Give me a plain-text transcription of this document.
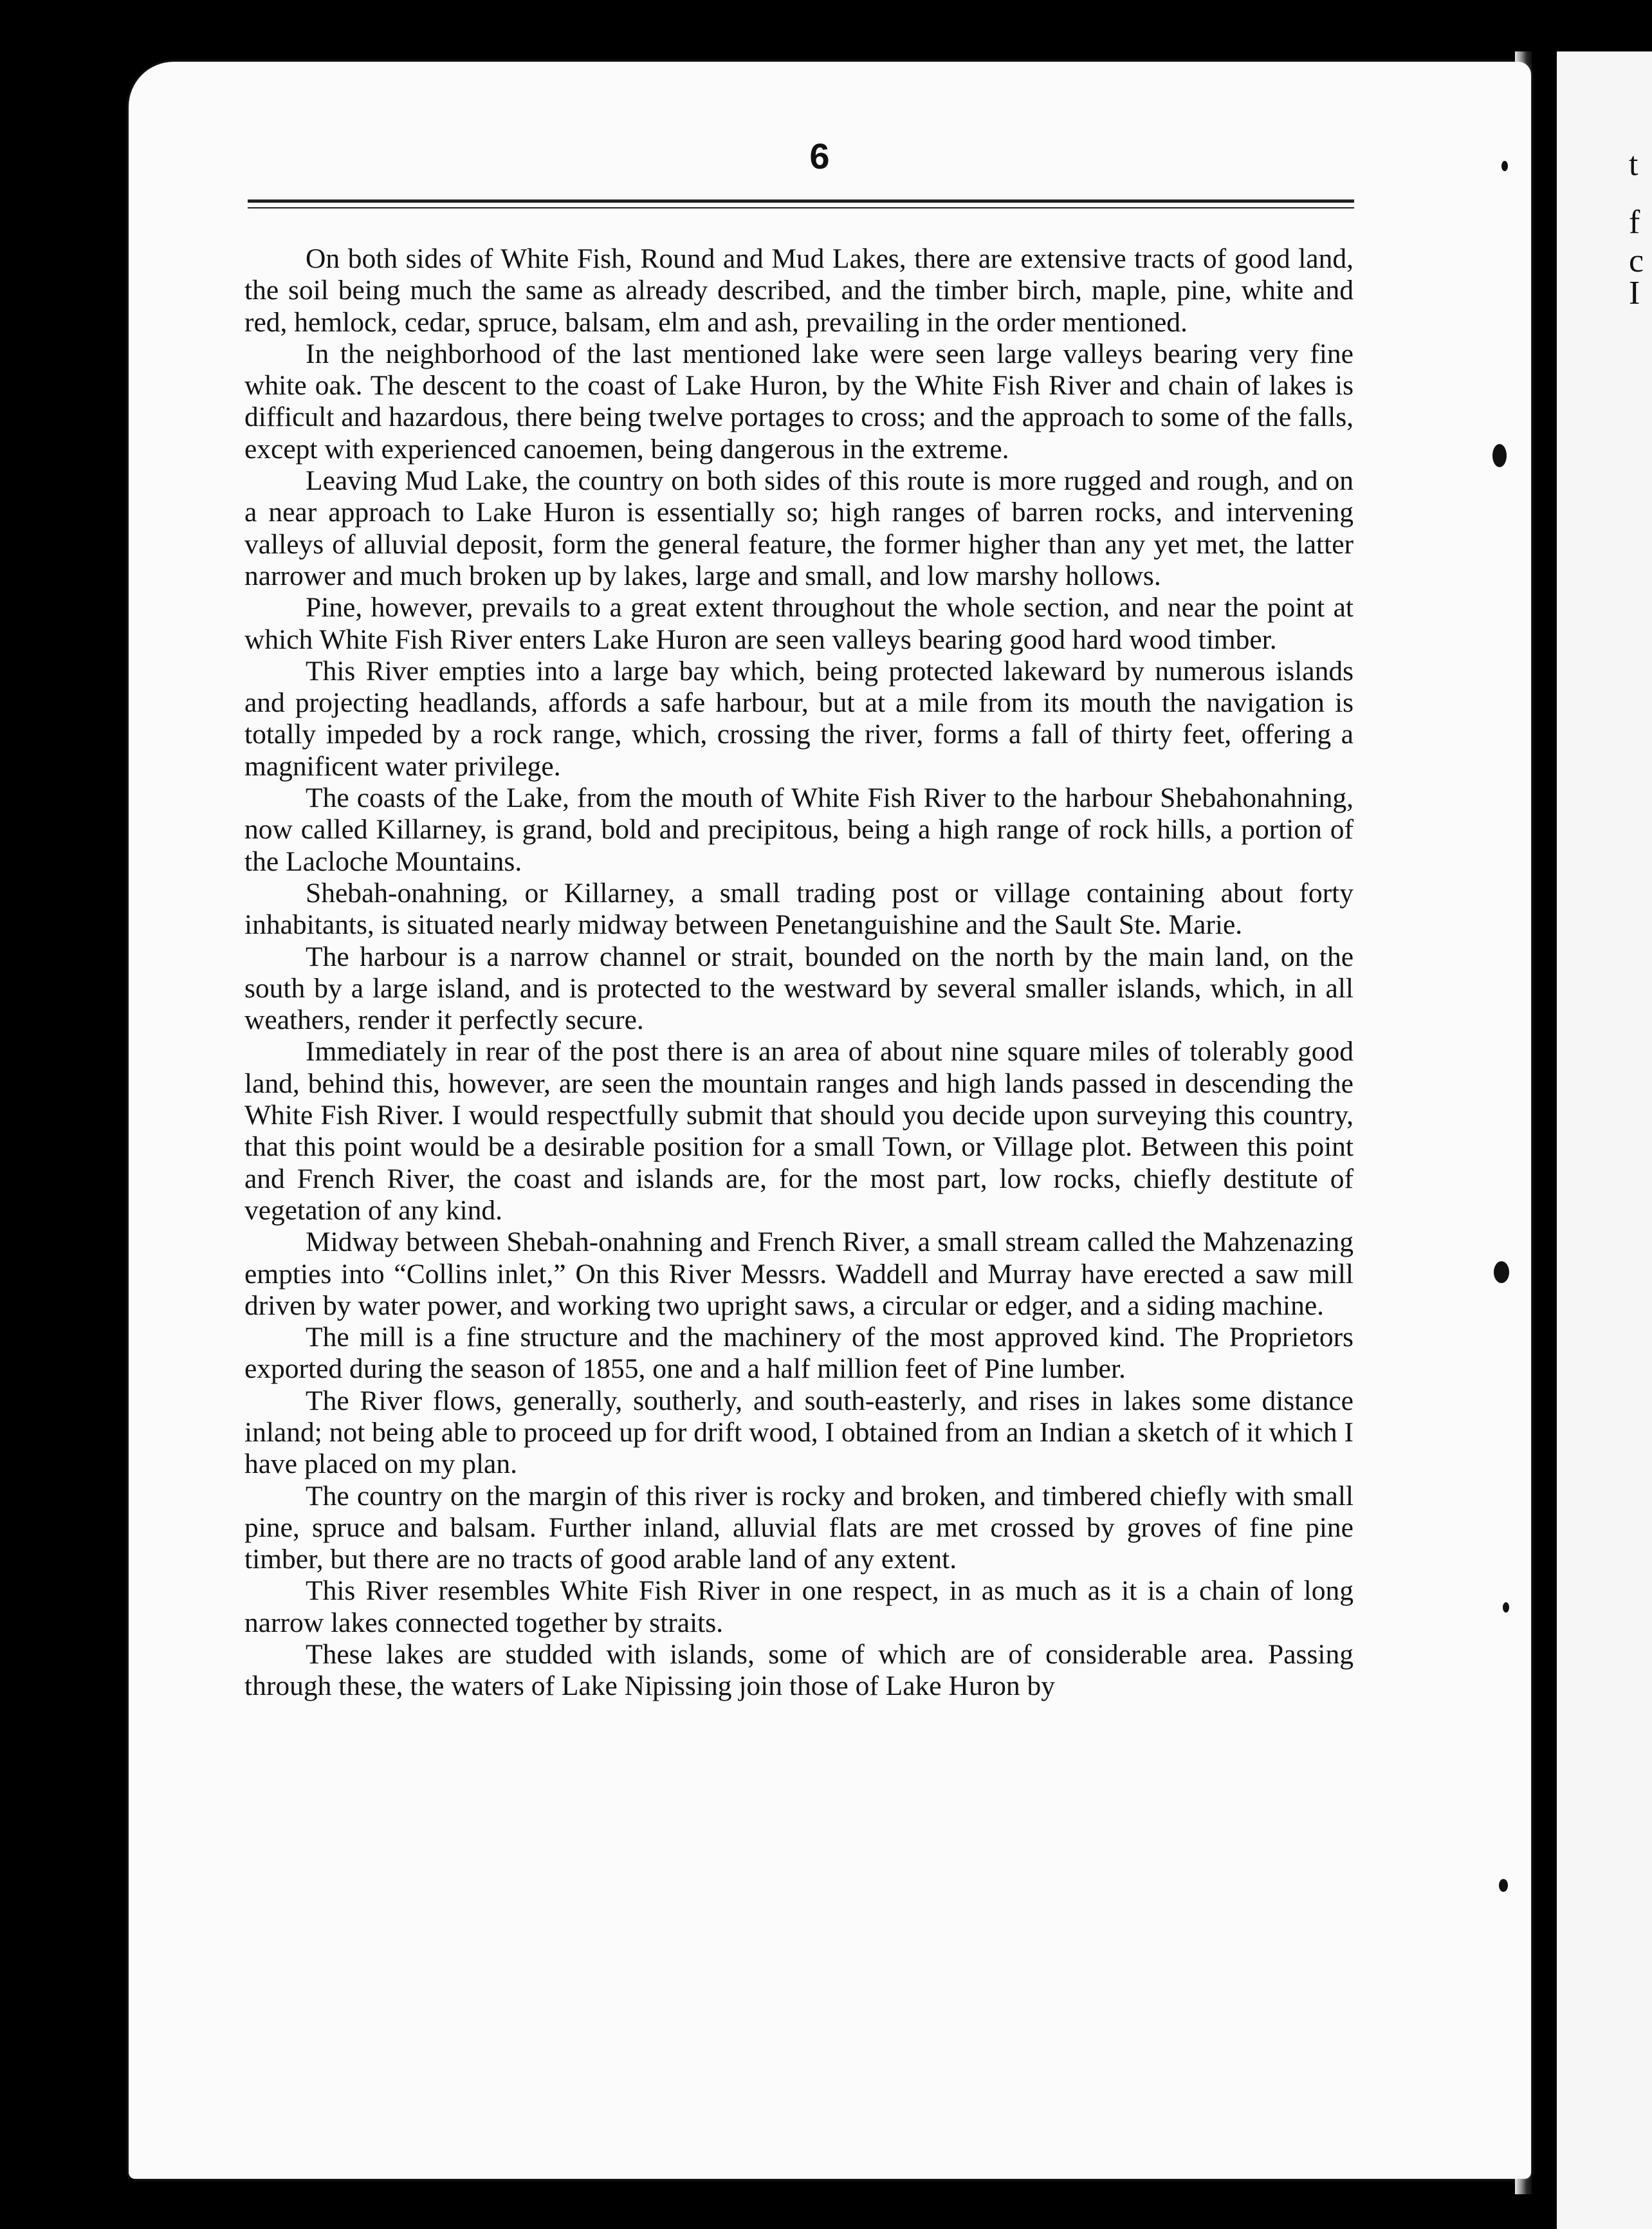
t
f
c
I
6

On both sides of White Fish, Round and Mud Lakes, there are extensive tracts of good land, the soil being much the same as already described, and the timber birch, maple, pine, white and red, hemlock, cedar, spruce, balsam, elm and ash, prevailing in the order mentioned.

In the neighborhood of the last mentioned lake were seen large valleys bearing very fine white oak. The descent to the coast of Lake Huron, by the White Fish River and chain of lakes is difficult and hazardous, there being twelve portages to cross; and the approach to some of the falls, except with experienced canoemen, being dangerous in the extreme.

Leaving Mud Lake, the country on both sides of this route is more rugged and rough, and on a near approach to Lake Huron is essentially so; high ranges of barren rocks, and intervening valleys of alluvial deposit, form the general feature, the former higher than any yet met, the latter narrower and much broken up by lakes, large and small, and low marshy hollows.

Pine, however, prevails to a great extent throughout the whole section, and near the point at which White Fish River enters Lake Huron are seen valleys bearing good hard wood timber.

This River empties into a large bay which, being protected lakeward by numerous islands and projecting headlands, affords a safe harbour, but at a mile from its mouth the navigation is totally impeded by a rock range, which, crossing the river, forms a fall of thirty feet, offering a magnificent water privilege.

The coasts of the Lake, from the mouth of White Fish River to the harbour Shebahonahning, now called Killarney, is grand, bold and precipitous, being a high range of rock hills, a portion of the Lacloche Mountains.

Shebah-onahning, or Killarney, a small trading post or village containing about forty inhabitants, is situated nearly midway between Penetanguishine and the Sault Ste. Marie.

The harbour is a narrow channel or strait, bounded on the north by the main land, on the south by a large island, and is protected to the westward by several smaller islands, which, in all weathers, render it perfectly secure.

Immediately in rear of the post there is an area of about nine square miles of tolerably good land, behind this, however, are seen the mountain ranges and high lands passed in descending the White Fish River. I would respectfully submit that should you decide upon surveying this country, that this point would be a desirable position for a small Town, or Village plot. Between this point and French River, the coast and islands are, for the most part, low rocks, chiefly destitute of vegetation of any kind.

Midway between Shebah-onahning and French River, a small stream called the Mahzenazing empties into “Collins inlet,” On this River Messrs. Waddell and Murray have erected a saw mill driven by water power, and working two upright saws, a circular or edger, and a siding machine.

The mill is a fine structure and the machinery of the most approved kind. The Proprietors exported during the season of 1855, one and a half million feet of Pine lumber.

The River flows, generally, southerly, and south-easterly, and rises in lakes some distance inland; not being able to proceed up for drift wood, I obtained from an Indian a sketch of it which I have placed on my plan.

The country on the margin of this river is rocky and broken, and timbered chiefly with small pine, spruce and balsam. Further inland, alluvial flats are met crossed by groves of fine pine timber, but there are no tracts of good arable land of any extent.

This River resembles White Fish River in one respect, in as much as it is a chain of long narrow lakes connected together by straits.

These lakes are studded with islands, some of which are of considerable area. Passing through these, the waters of Lake Nipissing join those of Lake Huron by
